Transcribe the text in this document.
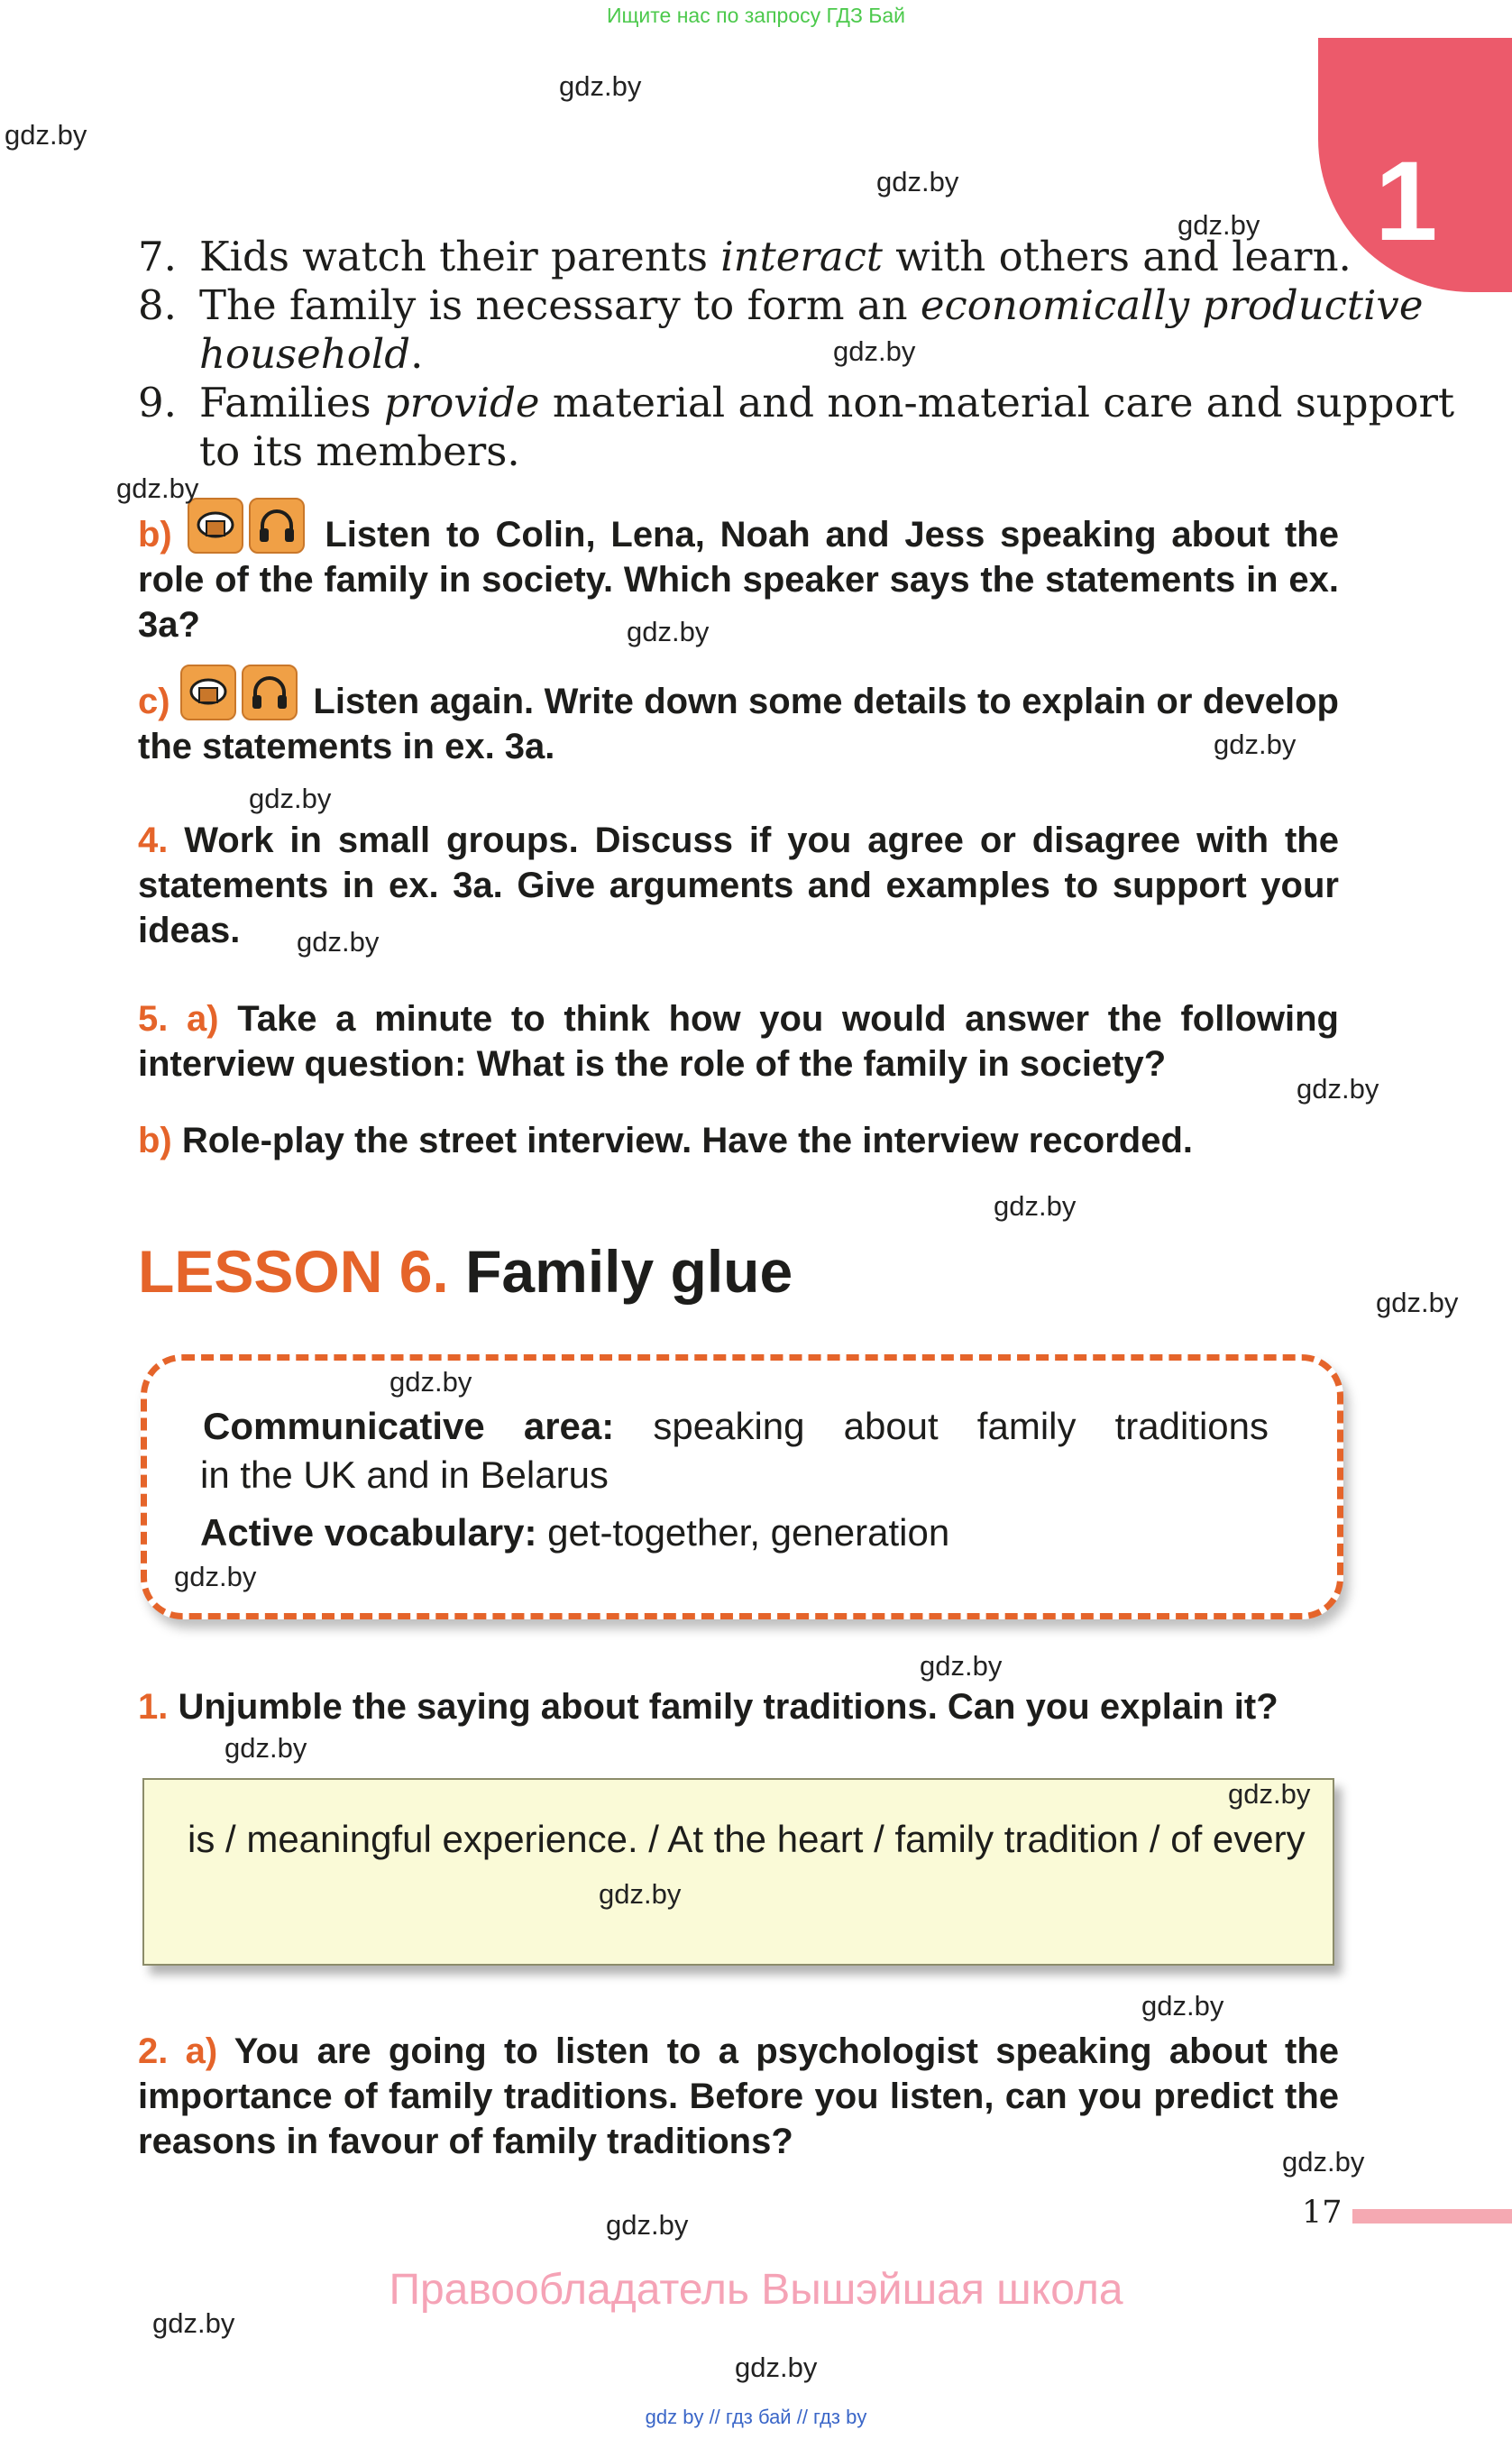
Ищите нас по запросу ГДЗ Бай
1
7. Kids watch their parents interact with others and learn.
8. The family is necessary to form an economically productive
household.
9. Families provide material and non-material care and support
to its members.
b)	Listen to Colin, Lena, Noah and Jess speaking about the role of the family in society. Which speaker says the statements in ex. 3a?
c)	Listen again. Write down some details to explain or develop the statements in ex. 3a.
4. Work in small groups. Discuss if you agree or disagree with the statements in ex. 3a. Give arguments and examples to support your ideas.
5. a) Take a minute to think how you would answer the following interview question: What is the role of the family in society?
b) Role-play the street interview. Have the interview recorded.
LESSON 6. Family glue
Communicative area: speaking about family traditions
in the UK and in Belarus
Active vocabulary: get-together, generation
1. Unjumble the saying about family traditions. Can you explain it?
is / meaningful experience. / At the heart / family tradition / of every
2. a) You are going to listen to a psychologist speaking about the importance of family traditions. Before you listen, can you predict the reasons in favour of family traditions?
17
Правообладатель Вышэйшая школа
gdz by // гдз бай // гдз by
gdz.by
gdz.by
gdz.by
gdz.by
gdz.by
gdz.by
gdz.by
gdz.by
gdz.by
gdz.by
gdz.by
gdz.by
gdz.by
gdz.by
gdz.by
gdz.by
gdz.by
gdz.by
gdz.by
gdz.by
gdz.by
gdz.by
gdz.by
gdz.by
